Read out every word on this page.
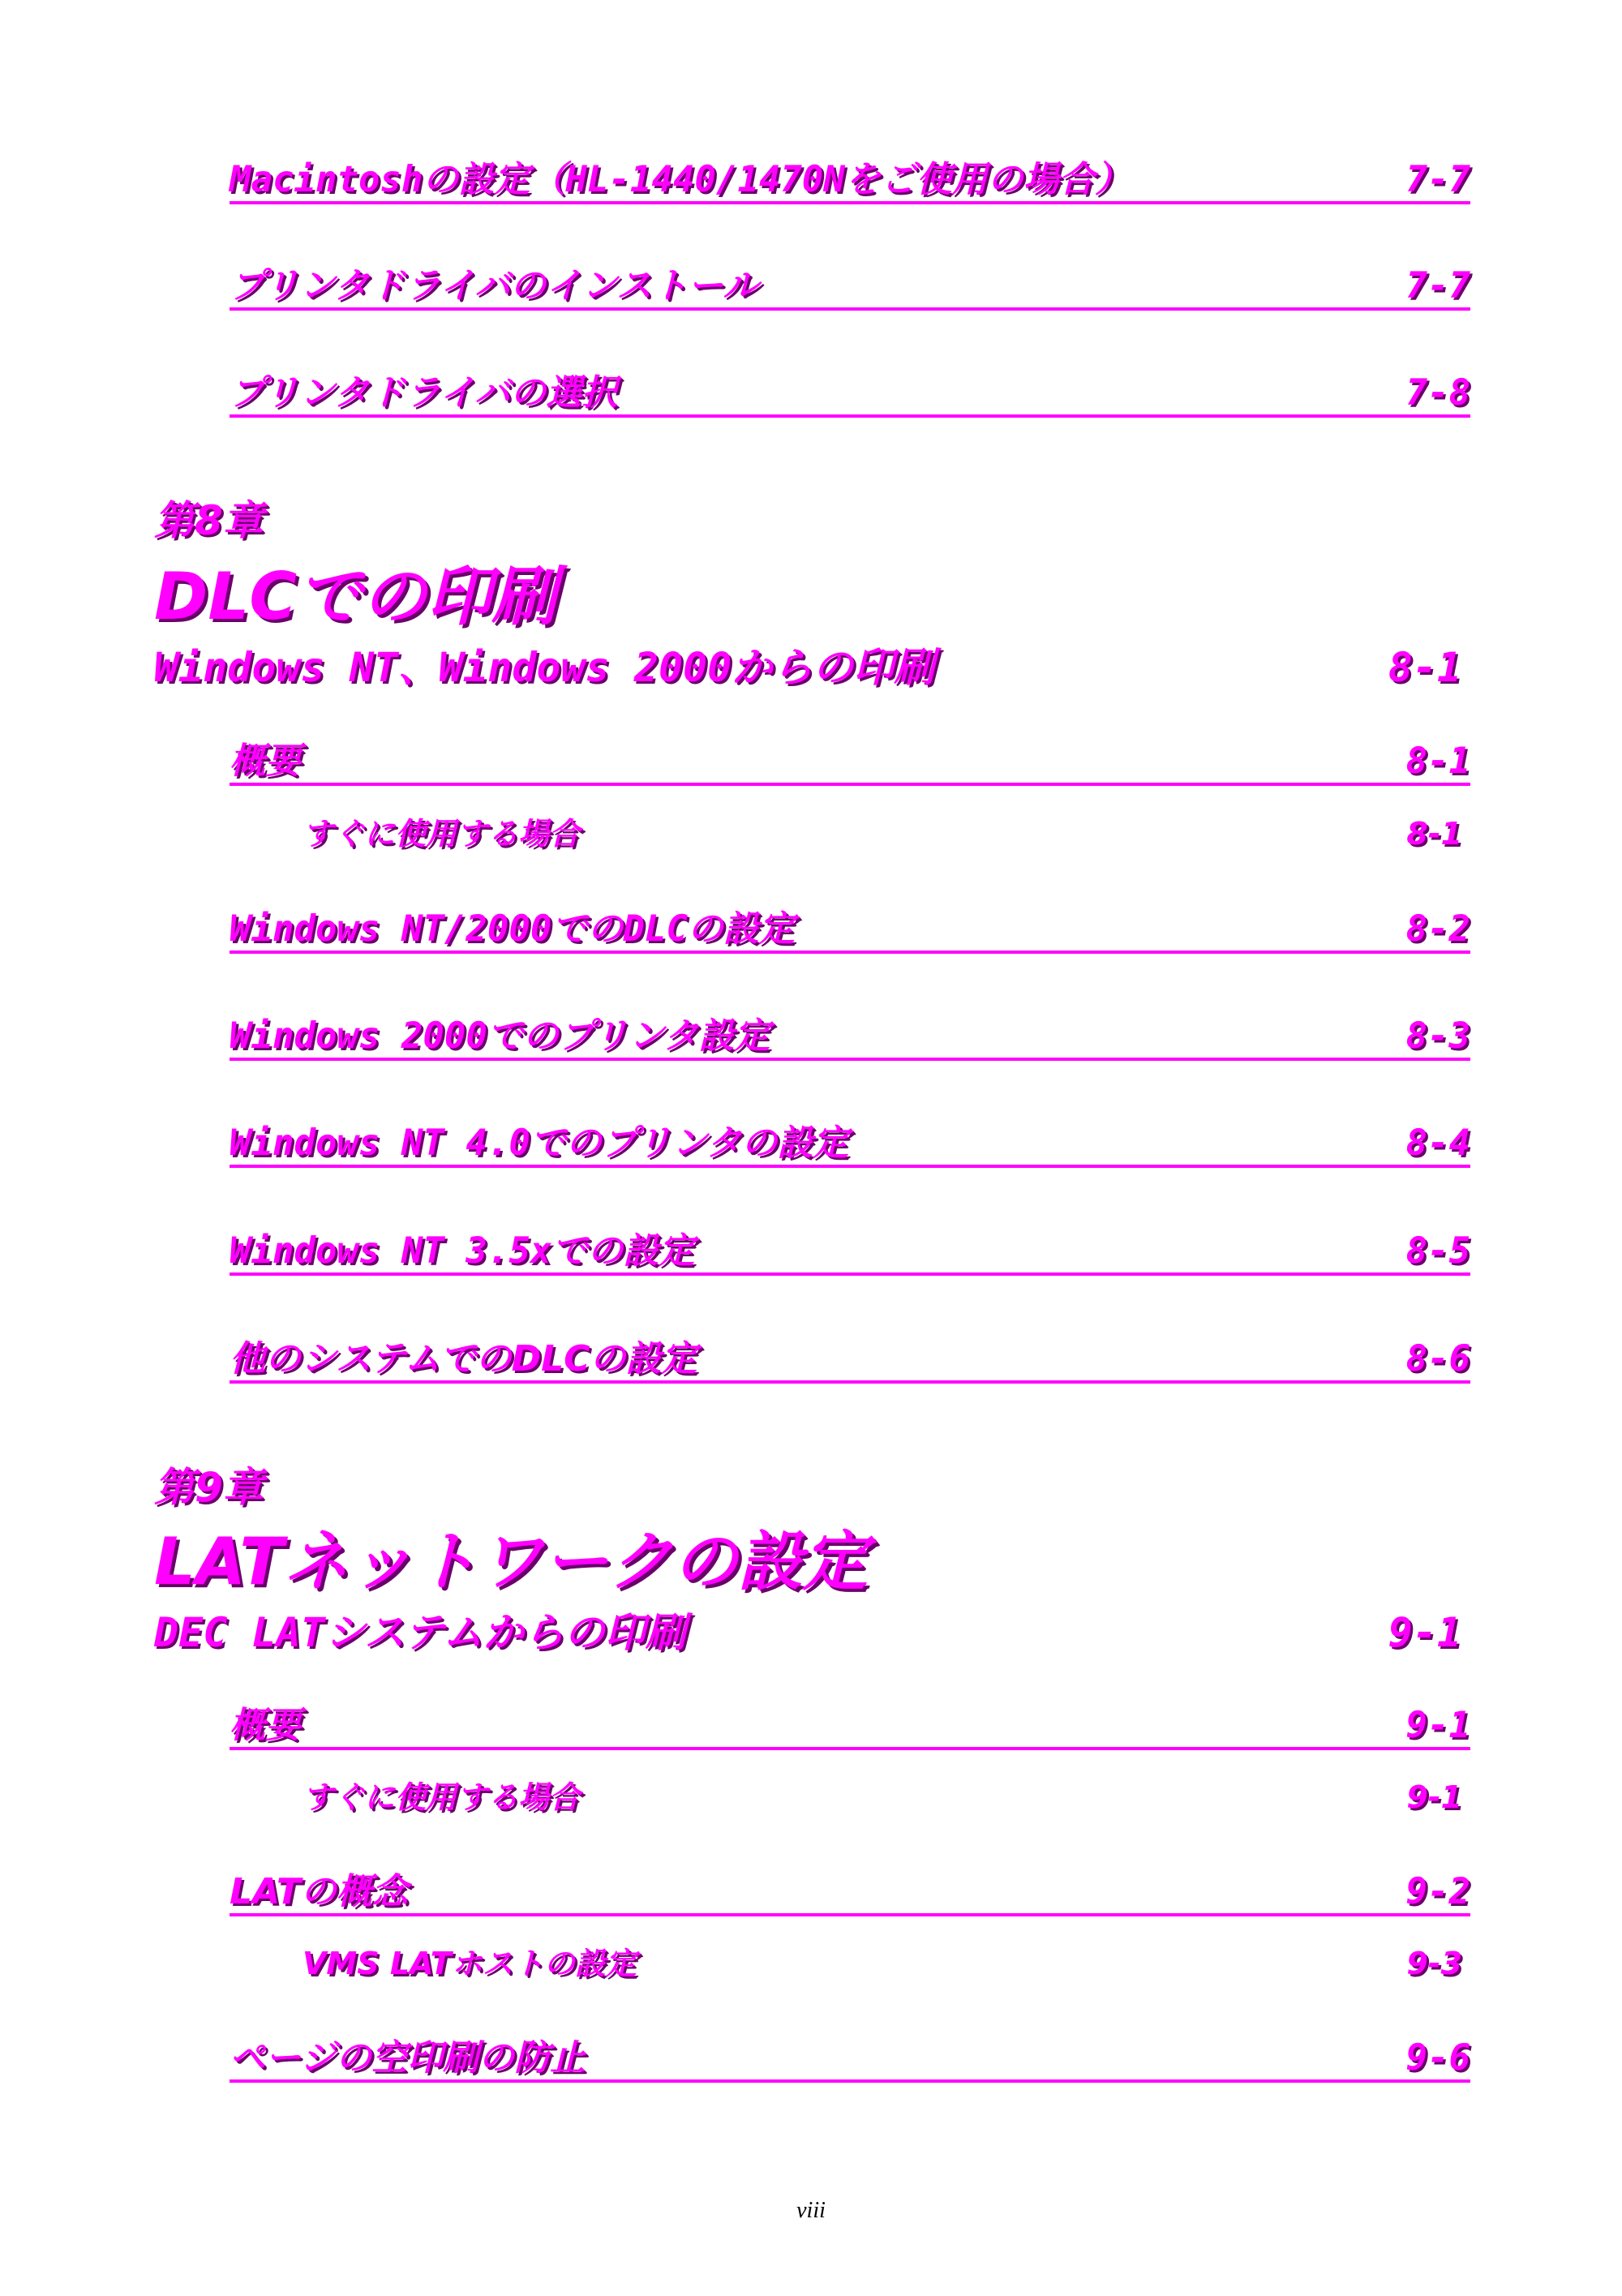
Macintoshの設定（HL-1440/1470Nをご使用の場合）	7-7
プリンタドライバのインストール	7-7
プリンタドライバの選択	7-8
第8章
DLCでの印刷
Windows NT、Windows 2000からの印刷	8-1
概要	8-1
すぐに使用する場合	8-1
Windows NT/2000でのDLCの設定	8-2
Windows 2000でのプリンタ設定	8-3
Windows NT 4.0でのプリンタの設定	8-4
Windows NT 3.5xでの設定	8-5
他のシステムでのDLCの設定	8-6
第9章
LATネットワークの設定
DEC LATシステムからの印刷	9-1
概要	9-1
すぐに使用する場合	9-1
LATの概念	9-2
VMS LATホストの設定	9-3
ページの空印刷の防止	9-6
viii
